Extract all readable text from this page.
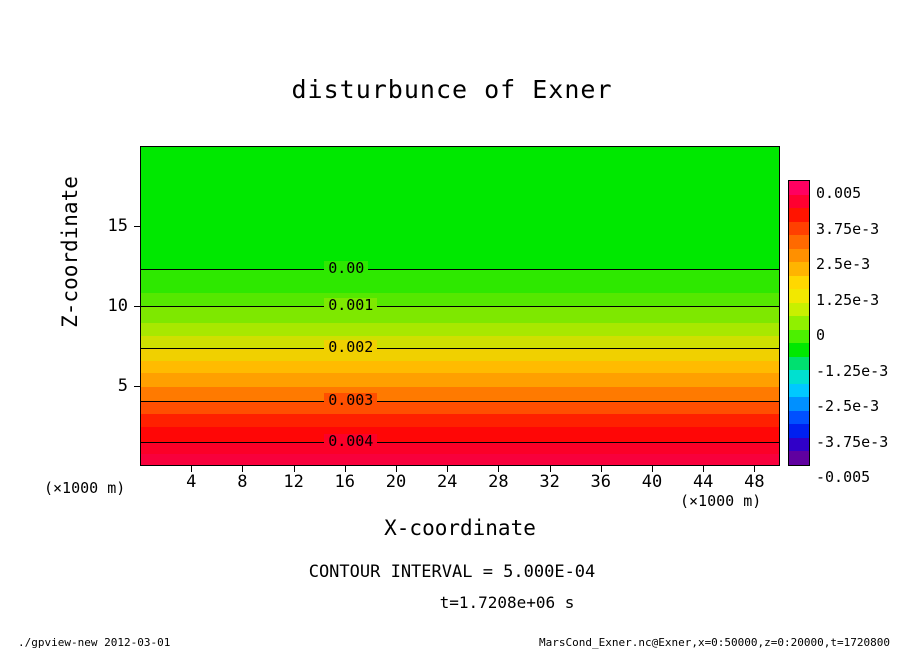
disturbunce of Exner
0.004
0.003
0.002
0.001
0.00
4	8	12	16	20	24	28	32	36	40	44	48
5
10
15
X-coordinate
Z-coordinate
(×1000 m)
(×1000 m)
0.005
3.75e-3
2.5e-3
1.25e-3
0
-1.25e-3
-2.5e-3
-3.75e-3
-0.005
CONTOUR INTERVAL = 5.000E-04
t=1.7208e+06 s
./gpview-new 2012-03-01	MarsCond_Exner.nc@Exner,x=0:50000,z=0:20000,t=1720800
